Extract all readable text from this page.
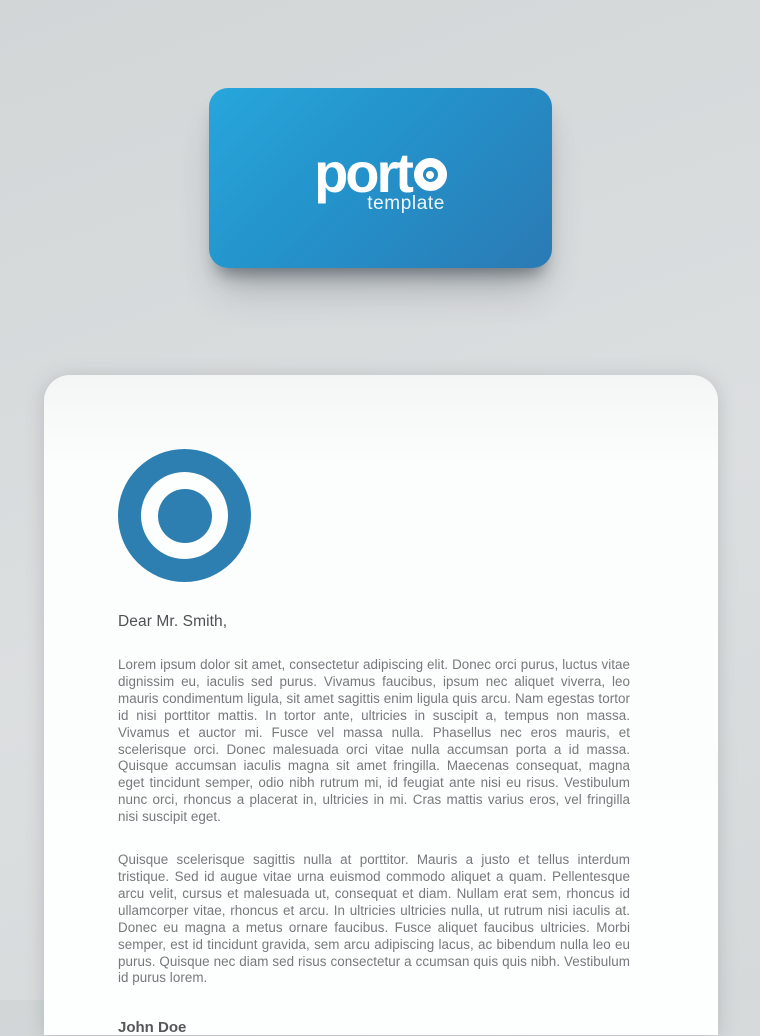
port
template
Dear Mr. Smith,

Lorem ipsum dolor sit amet, consectetur adipiscing elit. Donec orci purus, luctus vitae dignissim eu, iaculis sed purus. Vivamus faucibus, ipsum nec aliquet viverra, leo mauris condimentum ligula, sit amet sagittis enim ligula quis arcu. Nam egestas tortor id nisi porttitor mattis. In tortor ante, ultricies in suscipit a, tempus non massa. Vivamus et auctor mi. Fusce vel massa nulla. Phasellus nec eros mauris, et scelerisque orci. Donec malesuada orci vitae nulla accumsan porta a id massa. Quisque accumsan iaculis magna sit amet fringilla. Maecenas consequat, magna eget tincidunt semper, odio nibh rutrum mi, id feugiat ante nisi eu risus. Vestibulum nunc orci, rhoncus a placerat in, ultricies in mi. Cras mattis varius eros, vel fringilla nisi suscipit eget.

Quisque scelerisque sagittis nulla at porttitor. Mauris a justo et tellus interdum tristique. Sed id augue vitae urna euismod commodo aliquet a quam. Pellentesque arcu velit, cursus et malesuada ut, consequat et diam. Nullam erat sem, rhoncus id ullamcorper vitae, rhoncus et arcu. In ultricies ultricies nulla, ut rutrum nisi iaculis at. Donec eu magna a metus ornare faucibus. Fusce aliquet faucibus ultricies. Morbi semper, est id tincidunt gravida, sem arcu adipiscing lacus, ac bibendum nulla leo eu purus. Quisque nec diam sed risus consectetur a ccumsan quis quis nibh. Vestibulum id purus lorem.

John Doe
